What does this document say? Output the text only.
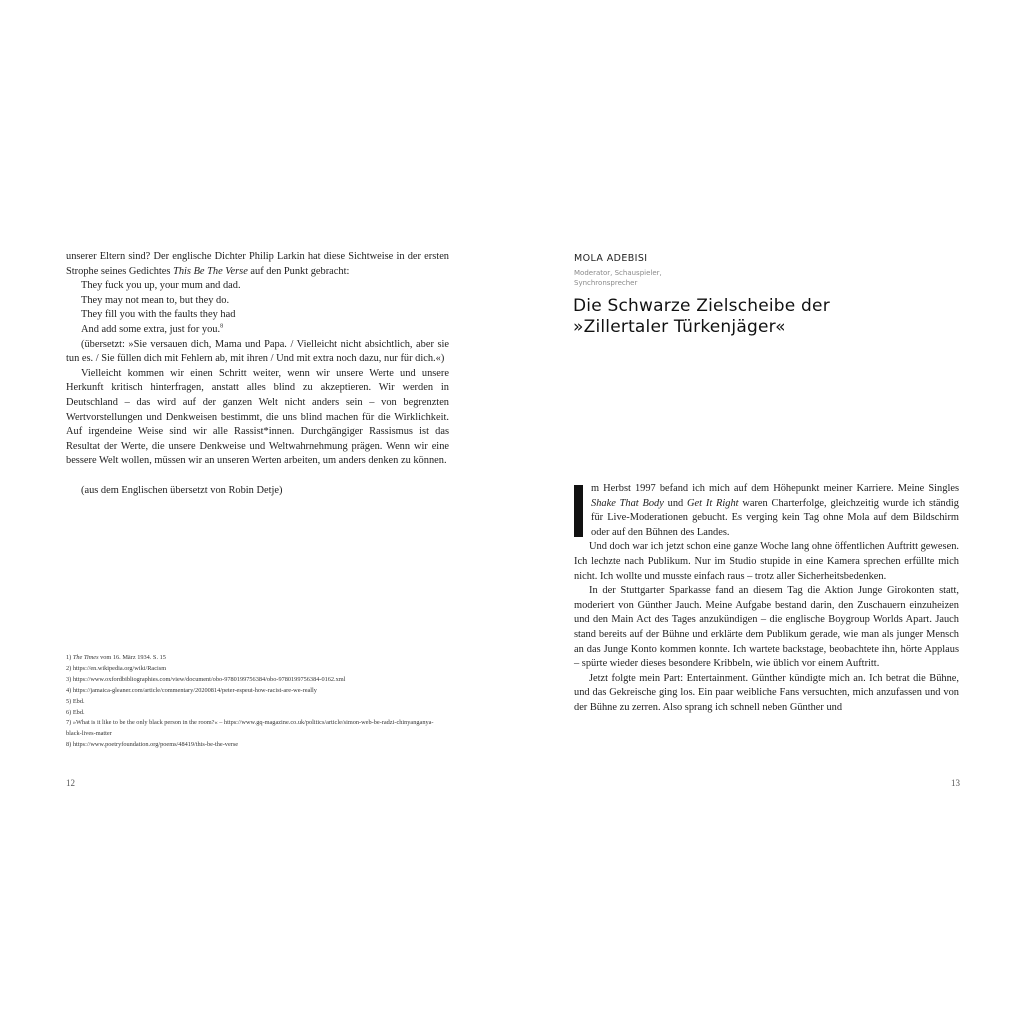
unserer Eltern sind? Der englische Dichter Philip Larkin hat diese Sichtweise in der ersten Strophe seines Gedichtes This Be The Verse auf den Punkt gebracht:

They fuck you up, your mum and dad.

They may not mean to, but they do.

They fill you with the faults they had

And add some extra, just for you.$^8$

(übersetzt: »Sie versauen dich, Mama und Papa. / Vielleicht nicht absichtlich, aber sie tun es. / Sie füllen dich mit Fehlern ab, mit ihren / Und mit extra noch dazu, nur für dich.«)

Vielleicht kommen wir einen Schritt weiter, wenn wir unsere Werte und unsere Herkunft kritisch hinterfragen, anstatt alles blind zu akzeptieren. Wir werden in Deutschland – das wird auf der ganzen Welt nicht anders sein – von begrenzten Wertvorstellungen und Denkweisen bestimmt, die uns blind machen für die Wirklichkeit. Auf irgendeine Weise sind wir alle Rassist*innen. Durchgängiger Rassismus ist das Resultat der Werte, die unsere Denkweise und Weltwahrnehmung prägen. Wenn wir eine bessere Welt wollen, müssen wir an unseren Werten arbeiten, um anders denken zu können.

(aus dem Englischen übersetzt von Robin Detje)

1) The Times vom 16. März 1934. S. 15
2) https://en.wikipedia.org/wiki/Racism
3) https://www.oxfordbibliographies.com/view/document/obo-9780199756384/obo-9780199756384-0162.xml
4) https://jamaica-gleaner.com/article/commentary/20200814/peter-espeut-how-racist-are-we-really
5) Ebd.
6) Ebd.
7) »What is it like to be the only black person in the room?« – https://www.gq-magazine.co.uk/politics/article/simon-web-be-radzi-chinyanganya-black-lives-matter
8) https://www.poetryfoundation.org/poems/48419/this-be-the-verse
12
MOLA ADEBISI
Moderator, Schauspieler,
Synchronsprecher
Die Schwarze Zielscheibe der
»Zillertaler Türkenjäger«

m Herbst 1997 befand ich mich auf dem Höhepunkt meiner Karriere. Meine Singles Shake That Body und Get It Right waren Charterfolge, gleichzeitig wurde ich ständig für Live-Moderationen gebucht. Es verging kein Tag ohne Mola auf dem Bildschirm oder auf den Bühnen des Landes.

Und doch war ich jetzt schon eine ganze Woche lang ohne öffentlichen Auftritt gewesen. Ich lechzte nach Publikum. Nur im Studio stupide in eine Kamera sprechen erfüllte mich nicht. Ich wollte und musste einfach raus – trotz aller Sicherheitsbedenken.

In der Stuttgarter Sparkasse fand an diesem Tag die Aktion Junge Girokonten statt, moderiert von Günther Jauch. Meine Aufgabe bestand darin, den Zuschauern einzuheizen und den Main Act des Tages anzukündigen – die englische Boygroup Worlds Apart. Jauch stand bereits auf der Bühne und erklärte dem Publikum gerade, wie man als junger Mensch an das Junge Konto kommen konnte. Ich wartete backstage, beobachtete ihn, hörte Applaus – spürte wieder dieses besondere Kribbeln, wie üblich vor einem Auftritt.

Jetzt folgte mein Part: Entertainment. Günther kündigte mich an. Ich betrat die Bühne, und das Gekreische ging los. Ein paar weibliche Fans versuchten, mich anzufassen und von der Bühne zu zerren. Also sprang ich schnell neben Günther und

13
